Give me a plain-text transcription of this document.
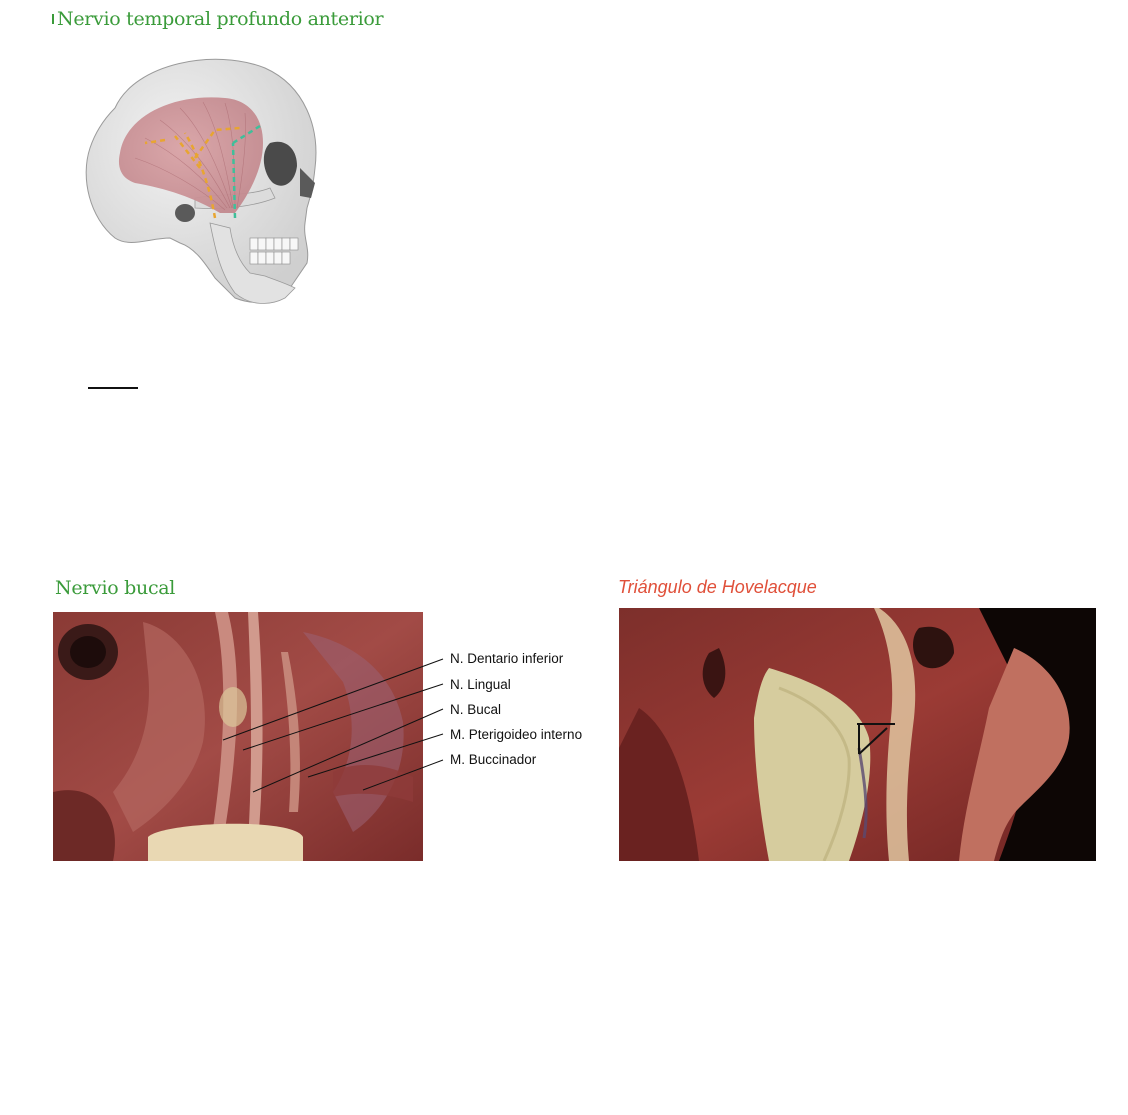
Nervio temporal profundo anterior
Nervio bucal
N. Dentario inferior
N. Lingual
N. Bucal
M. Pterigoideo interno
M. Buccinador
Triángulo de Hovelacque
